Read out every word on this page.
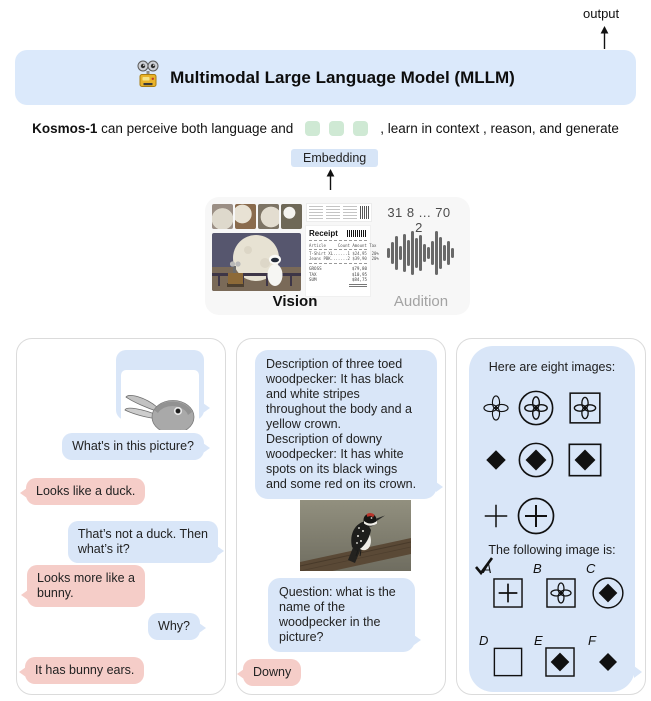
output
Multimodal Large Language Model (MLLM)
Kosmos-1 can perceive both language and	, learn in context , reason, and generate
Embedding
31 8 ... 70 2
Receipt
Article     Count Amount Tax
T-Shirt XL......1 $24,95  20%
Jeans PBK.......2 $39,90  20%
GROSS	$79,80
TAX	$10,95
SUM	$84,75
Vision	Audition

What's in this picture?
Looks like a duck.
That’s not a duck. Then
what’s it?
Looks more like a
bunny.
Why?
It has bunny ears.
Description of three toed
woodpecker: It has black
and white stripes
throughout the body and a
yellow crown.
Description of downy
woodpecker: It has white
spots on its black wings
and some red on its crown.
Question: what is the
name of the
woodpecker in the
picture?
Downy
Here are eight images:
The following image is:
A	B	C
D	E	F
